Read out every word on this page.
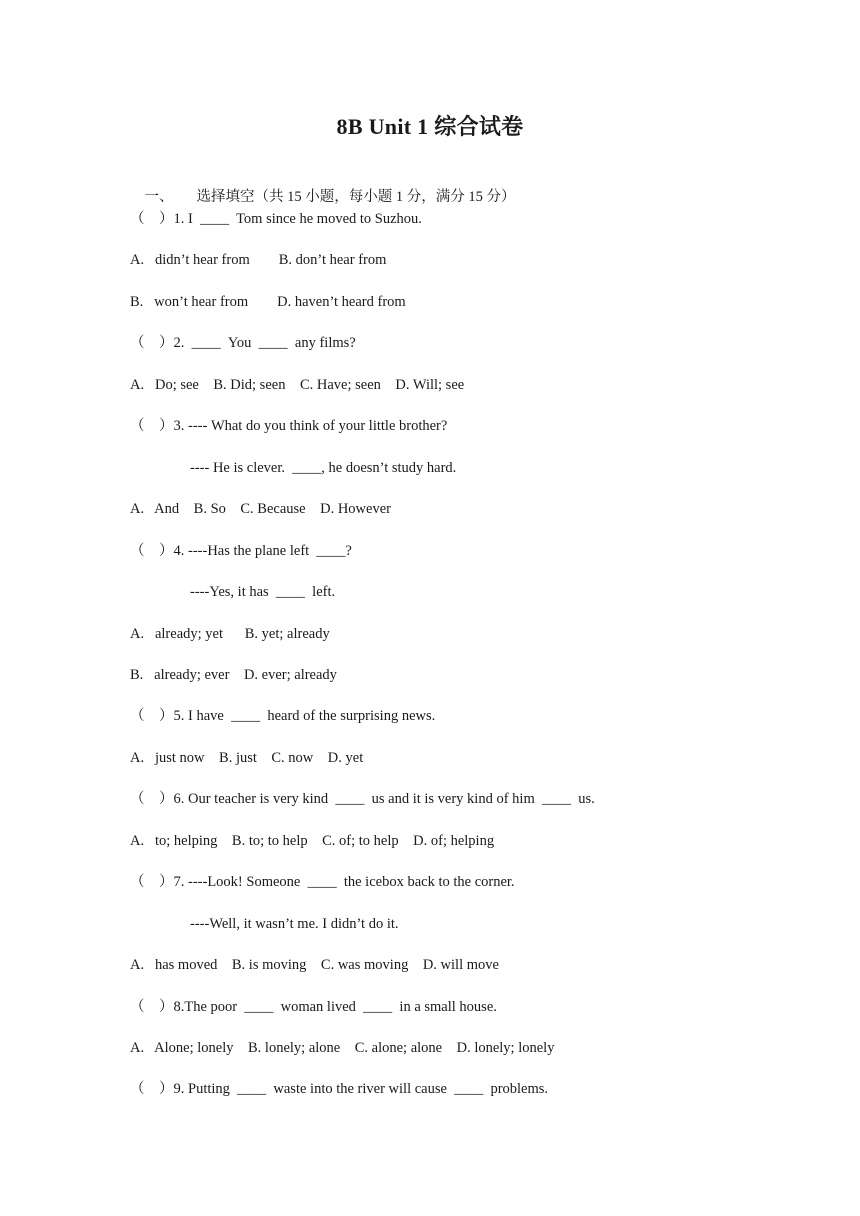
8B Unit 1 综合试卷

一、 选择填空（共 15 小题，每小题 1 分，满分 15 分）

（    ）1. I  ____  Tom since he moved to Suzhou.
A.   didn’t hear from        B. don’t hear from
B.   won’t hear from        D. haven’t heard from
（    ）2.  ____  You  ____  any films?
A.   Do; see    B. Did; seen    C. Have; seen    D. Will; see
（    ）3. ---- What do you think of your little brother?
---- He is clever.  ____, he doesn’t study hard.
A.   And    B. So    C. Because    D. However
（    ）4. ----Has the plane left  ____?
----Yes, it has  ____  left.
A.   already; yet      B. yet; already
B.   already; ever    D. ever; already
（    ）5. I have  ____  heard of the surprising news.
A.   just now    B. just    C. now    D. yet
（    ）6. Our teacher is very kind  ____  us and it is very kind of him  ____  us.
A.   to; helping    B. to; to help    C. of; to help    D. of; helping
（    ）7. ----Look! Someone  ____  the icebox back to the corner.
----Well, it wasn’t me. I didn’t do it.
A.   has moved    B. is moving    C. was moving    D. will move
（    ）8.The poor  ____  woman lived  ____  in a small house.
A.   Alone; lonely    B. lonely; alone    C. alone; alone    D. lonely; lonely
（    ）9. Putting  ____  waste into the river will cause  ____  problems.
